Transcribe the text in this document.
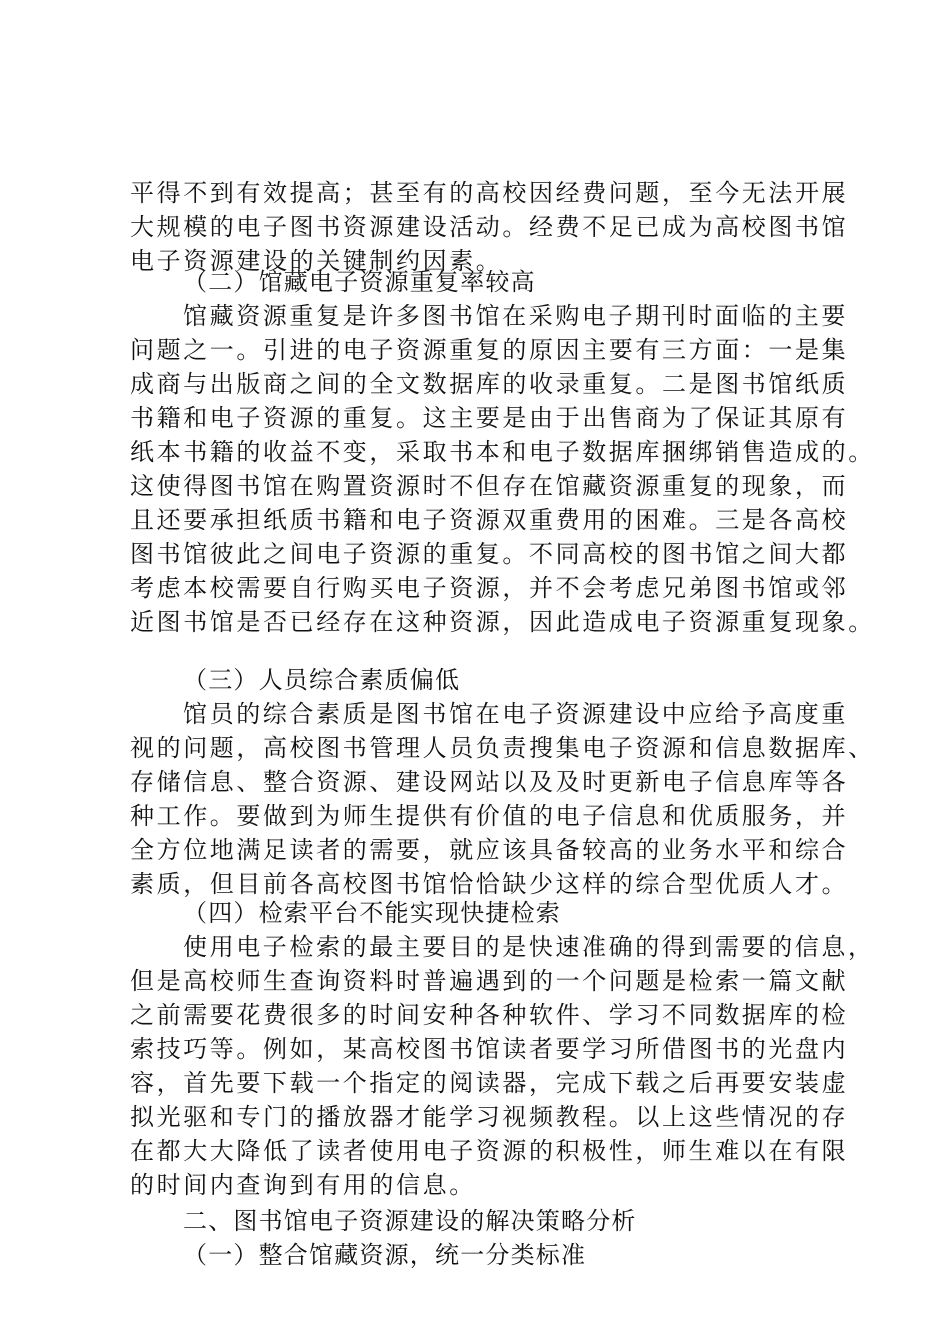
平得不到有效提高；甚至有的高校因经费问题，至今无法开展
大规模的电子图书资源建设活动。经费不足已成为高校图书馆
电子资源建设的关键制约因素。
（二）馆藏电子资源重复率较高
馆藏资源重复是许多图书馆在采购电子期刊时面临的主要
问题之一。引进的电子资源重复的原因主要有三方面：一是集
成商与出版商之间的全文数据库的收录重复。二是图书馆纸质
书籍和电子资源的重复。这主要是由于出售商为了保证其原有
纸本书籍的收益不变，采取书本和电子数据库捆绑销售造成的。
这使得图书馆在购置资源时不但存在馆藏资源重复的现象，而
且还要承担纸质书籍和电子资源双重费用的困难。三是各高校
图书馆彼此之间电子资源的重复。不同高校的图书馆之间大都
考虑本校需要自行购买电子资源，并不会考虑兄弟图书馆或邻
近图书馆是否已经存在这种资源，因此造成电子资源重复现象。
（三）人员综合素质偏低
馆员的综合素质是图书馆在电子资源建设中应给予高度重
视的问题，高校图书管理人员负责搜集电子资源和信息数据库、
存储信息、整合资源、建设网站以及及时更新电子信息库等各
种工作。要做到为师生提供有价值的电子信息和优质服务，并
全方位地满足读者的需要，就应该具备较高的业务水平和综合
素质，但目前各高校图书馆恰恰缺少这样的综合型优质人才。
（四）检索平台不能实现快捷检索
使用电子检索的最主要目的是快速准确的得到需要的信息，
但是高校师生查询资料时普遍遇到的一个问题是检索一篇文献
之前需要花费很多的时间安种各种软件、学习不同数据库的检
索技巧等。例如，某高校图书馆读者要学习所借图书的光盘内
容，首先要下载一个指定的阅读器，完成下载之后再要安装虚
拟光驱和专门的播放器才能学习视频教程。以上这些情况的存
在都大大降低了读者使用电子资源的积极性，师生难以在有限
的时间内查询到有用的信息。
二、图书馆电子资源建设的解决策略分析
（一）整合馆藏资源，统一分类标准
